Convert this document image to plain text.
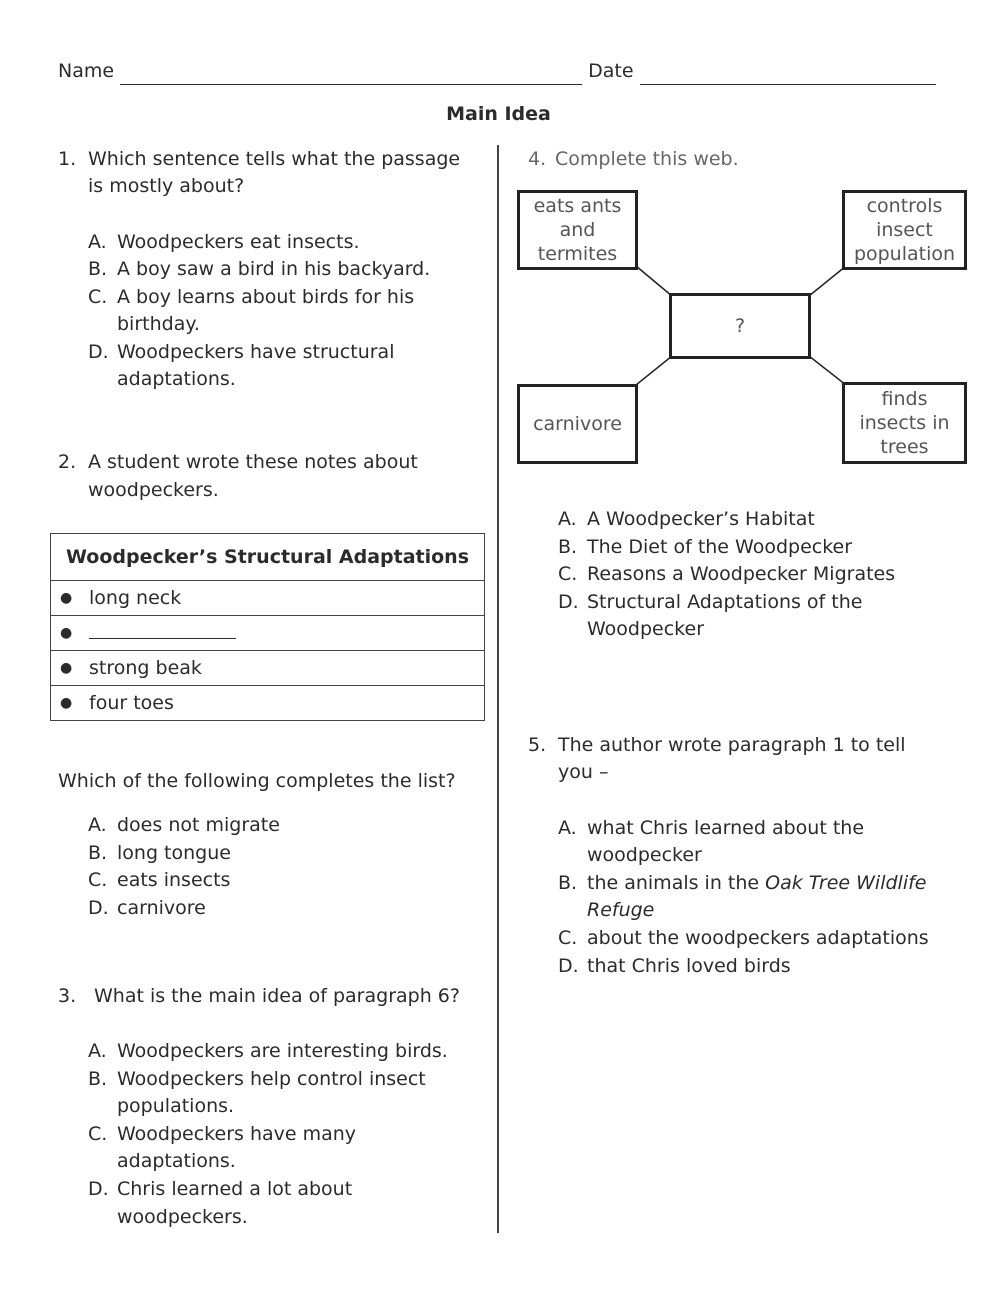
Name	Date
Main Idea
1. Which sentence tells what the passage
is mostly about?
A. Woodpeckers eat insects.
B. A boy saw a bird in his backyard.
C. A boy learns about birds for his
birthday.
D. Woodpeckers have structural
adaptations.
2. A student wrote these notes about
woodpeckers.
Woodpecker’s Structural Adaptations
● long neck
●
● strong beak
● four toes
Which of the following completes the list?
A. does not migrate
B. long tongue
C. eats insects
D. carnivore
3. What is the main idea of paragraph 6?
A. Woodpeckers are interesting birds.
B. Woodpeckers help control insect
populations.
C. Woodpeckers have many
adaptations.
D. Chris learned a lot about
woodpeckers.
4. Complete this web.
eats ants
and
termites
controls
insect
population
?
carnivore
finds
insects in
trees
A. A Woodpecker’s Habitat
B. The Diet of the Woodpecker
C. Reasons a Woodpecker Migrates
D. Structural Adaptations of the
Woodpecker
5. The author wrote paragraph 1 to tell
you –
A. what Chris learned about the
woodpecker
B. the animals in the Oak Tree Wildlife
Refuge
C. about the woodpeckers adaptations
D. that Chris loved birds
